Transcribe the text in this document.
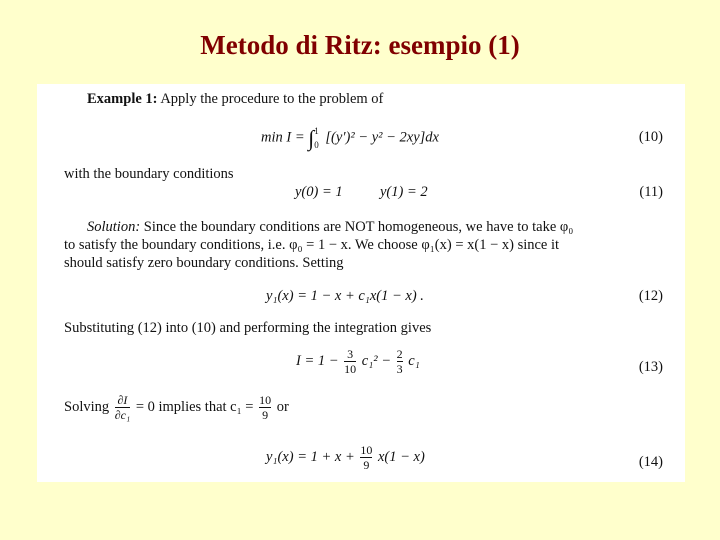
Metodo di Ritz: esempio (1)
Example 1: Apply the procedure to the problem of
min I = ∫ 1
0 [(y′)² − y² − 2xy]dx	(10)
with the boundary conditions
y(0) = 1	y(1) = 2	(11)
Solution: Since the boundary conditions are NOT homogeneous, we have to take φ₀
to satisfy the boundary conditions, i.e. φ₀ = 1 − x. We choose φ₁(x) = x(1 − x) since it
should satisfy zero boundary conditions. Setting
y₁(x) = 1 − x + c₁x(1 − x) .	(12)
Substituting (12) into (10) and performing the integration gives
$I = 1 - \frac{3}{10} c_1^2 - \frac{2}{3} c_1$	(13)
Solving $\frac{\partial I}{\text{∂c₁}} = 0$ implies that $c_1 = \frac{10}{9}$ or
$y_1(x) = 1 + x + \frac{10}{9} x(1 - x)$	(14)
